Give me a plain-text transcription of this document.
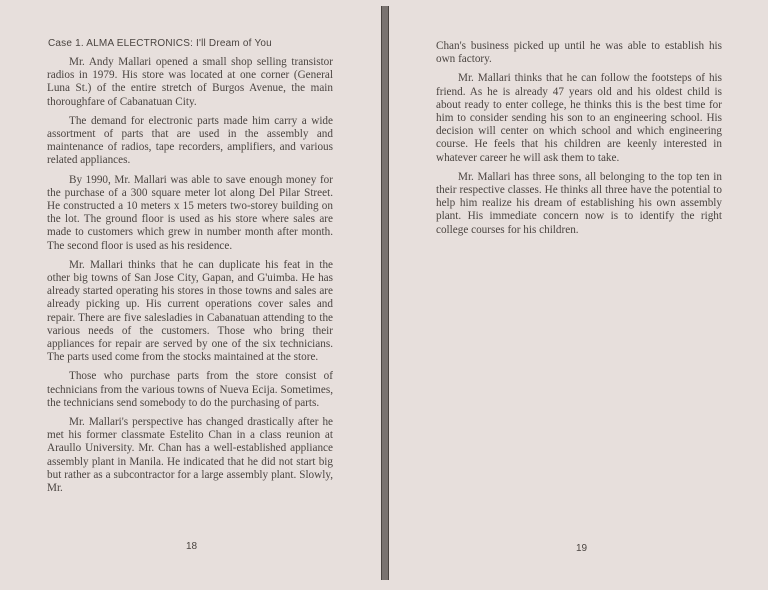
Case 1. ALMA ELECTRONICS: I'll Dream of You

Mr. Andy Mallari opened a small shop selling transistor radios in 1979. His store was located at one corner (General Luna St.) of the entire stretch of Burgos Avenue, the main thoroughfare of Cabanatuan City.

The demand for electronic parts made him carry a wide assortment of parts that are used in the assembly and maintenance of radios, tape recorders, amplifiers, and various related appliances.

By 1990, Mr. Mallari was able to save enough money for the purchase of a 300 square meter lot along Del Pilar Street. He constructed a 10 meters x 15 meters two-storey building on the lot. The ground floor is used as his store where sales are made to customers which grew in number month after month. The second floor is used as his residence.

Mr. Mallari thinks that he can duplicate his feat in the other big towns of San Jose City, Gapan, and G'uimba. He has already started operating his stores in those towns and sales are already picking up. His current operations cover sales and repair. There are five salesladies in Cabanatuan attending to the various needs of the customers. Those who bring their appliances for repair are served by one of the six technicians. The parts used come from the stocks maintained at the store.

Those who purchase parts from the store consist of technicians from the various towns of Nueva Ecija. Sometimes, the technicians send somebody to do the purchasing of parts.

Mr. Mallari's perspective has changed drastically after he met his former classmate Estelito Chan in a class reunion at Araullo University. Mr. Chan has a well-established appliance assembly plant in Manila. He indicated that he did not start big but rather as a subcontractor for a large assembly plant. Slowly, Mr.

18

Chan's business picked up until he was able to establish his own factory.

Mr. Mallari thinks that he can follow the footsteps of his friend. As he is already 47 years old and his oldest child is about ready to enter college, he thinks this is the best time for him to consider sending his son to an engineering school. His decision will center on which school and which engineering course. He feels that his children are keenly interested in whatever career he will ask them to take.

Mr. Mallari has three sons, all belonging to the top ten in their respective classes. He thinks all three have the potential to help him realize his dream of establishing his own assembly plant. His immediate concern now is to identify the right college courses for his children.

19
